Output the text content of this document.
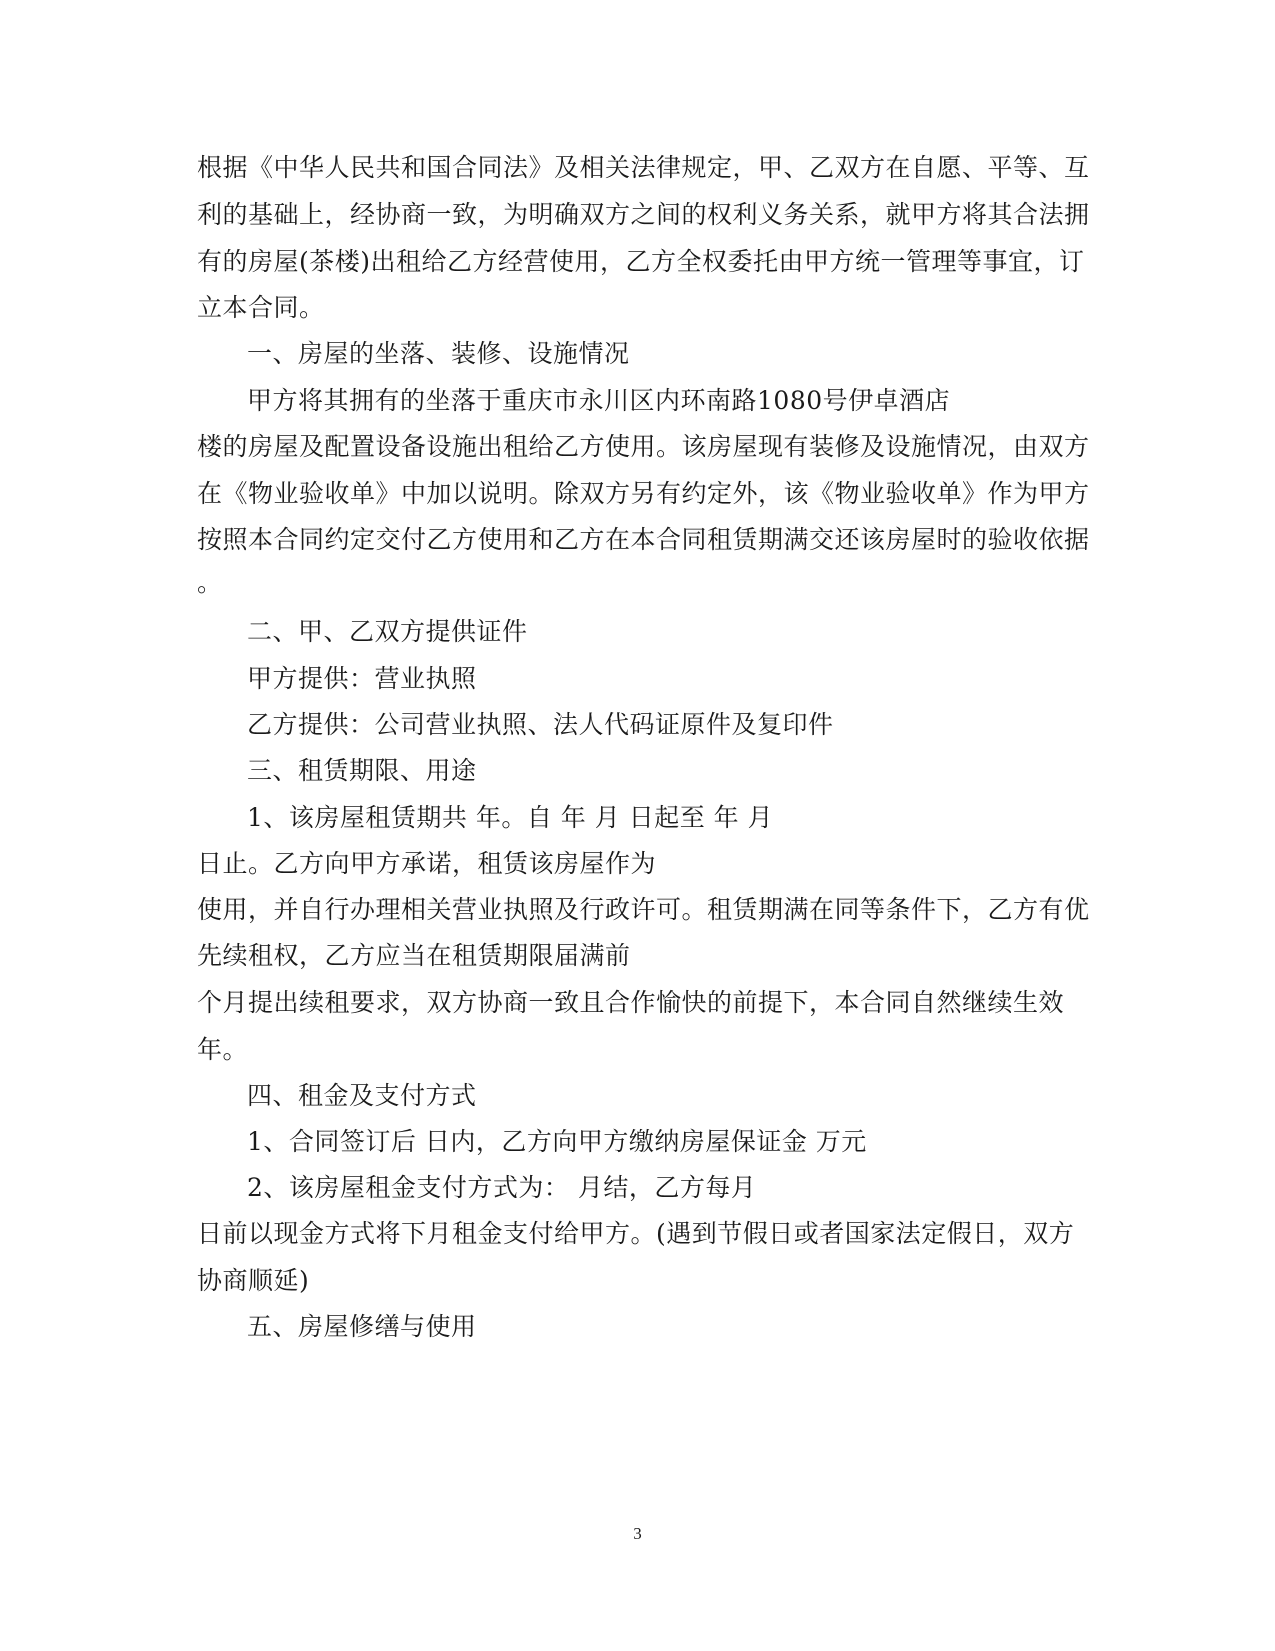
根据《中华人民共和国合同法》及相关法律规定，甲、乙双方在自愿、平等、互
利的基础上，经协商一致，为明确双方之间的权利义务关系，就甲方将其合法拥
有的房屋(茶楼)出租给乙方经营使用，乙方全权委托由甲方统一管理等事宜，订
立本合同。
一、房屋的坐落、装修、设施情况
甲方将其拥有的坐落于重庆市永川区内环南路1080号伊卓酒店
楼的房屋及配置设备设施出租给乙方使用。该房屋现有装修及设施情况，由双方
在《物业验收单》中加以说明。除双方另有约定外，该《物业验收单》作为甲方
按照本合同约定交付乙方使用和乙方在本合同租赁期满交还该房屋时的验收依据
。
二、甲、乙双方提供证件
甲方提供：营业执照
乙方提供：公司营业执照、法人代码证原件及复印件
三、租赁期限、用途
1、该房屋租赁期共 年。自 年 月 日起至 年 月
日止。乙方向甲方承诺，租赁该房屋作为
使用，并自行办理相关营业执照及行政许可。租赁期满在同等条件下，乙方有优
先续租权，乙方应当在租赁期限届满前
个月提出续租要求，双方协商一致且合作愉快的前提下，本合同自然继续生效
年。
四、租金及支付方式
1、合同签订后 日内，乙方向甲方缴纳房屋保证金 万元
2、该房屋租金支付方式为： 月结，乙方每月
日前以现金方式将下月租金支付给甲方。(遇到节假日或者国家法定假日，双方
协商顺延)
五、房屋修缮与使用
3
